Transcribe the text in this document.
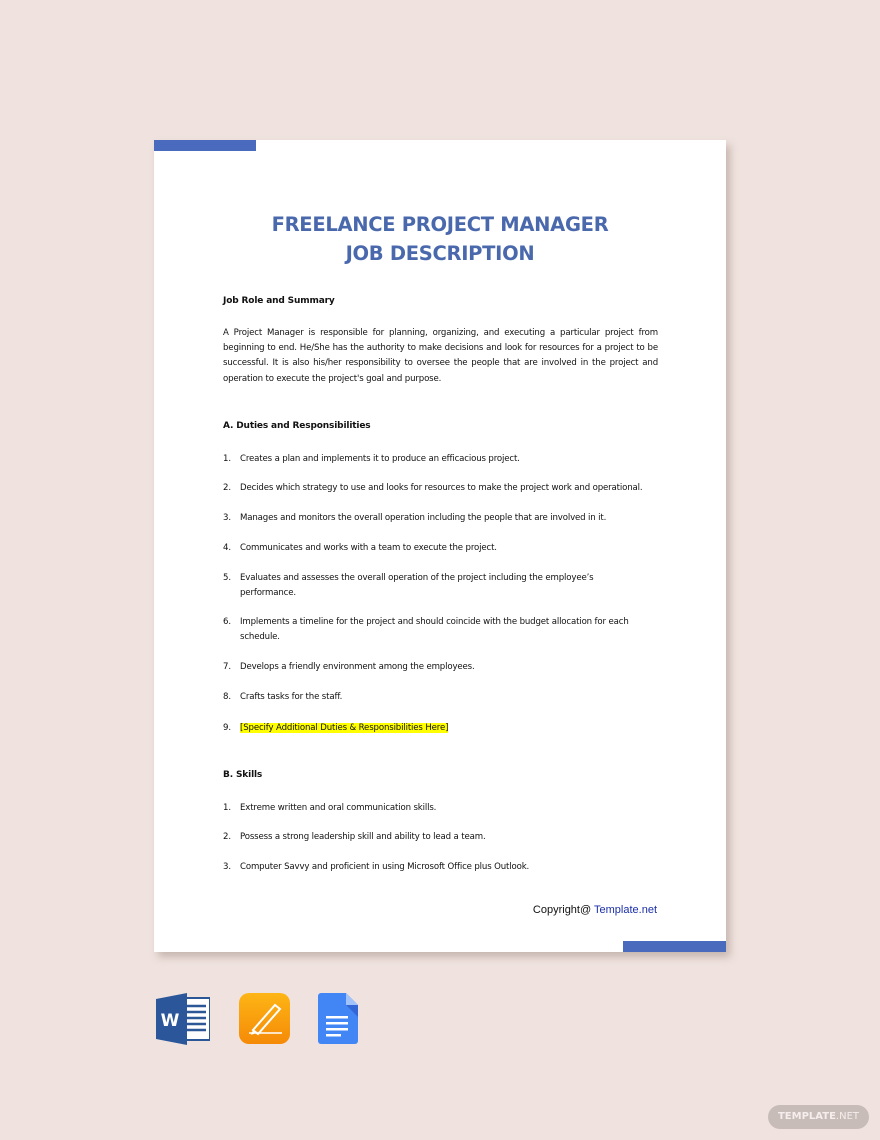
FREELANCE PROJECT MANAGER
JOB DESCRIPTION
Job Role and Summary
A Project Manager is responsible for planning, organizing, and executing a particular project from beginning to end. He/She has the authority to make decisions and look for resources for a project to be successful. It is also his/her responsibility to oversee the people that are involved in the project and operation to execute the project's goal and purpose.
A. Duties and Responsibilities
1.	Creates a plan and implements it to produce an efficacious project.
2.	Decides which strategy to use and looks for resources to make the project work and operational.
3.	Manages and monitors the overall operation including the people that are involved in it.
4.	Communicates and works with a team to execute the project.
5.	Evaluates and assesses the overall operation of the project including the employee’s performance.
6.	Implements a timeline for the project and should coincide with the budget allocation for each schedule.
7.	Develops a friendly environment among the employees.
8.	Crafts tasks for the staff.
9.	[Specify Additional Duties & Responsibilities Here]
B. Skills
1.	Extreme written and oral communication skills.
2.	Possess a strong leadership skill and ability to lead a team.
3.	Computer Savvy and proficient in using Microsoft Office plus Outlook.
Copyright@ Template.net
W
TEMPLATE.NET
